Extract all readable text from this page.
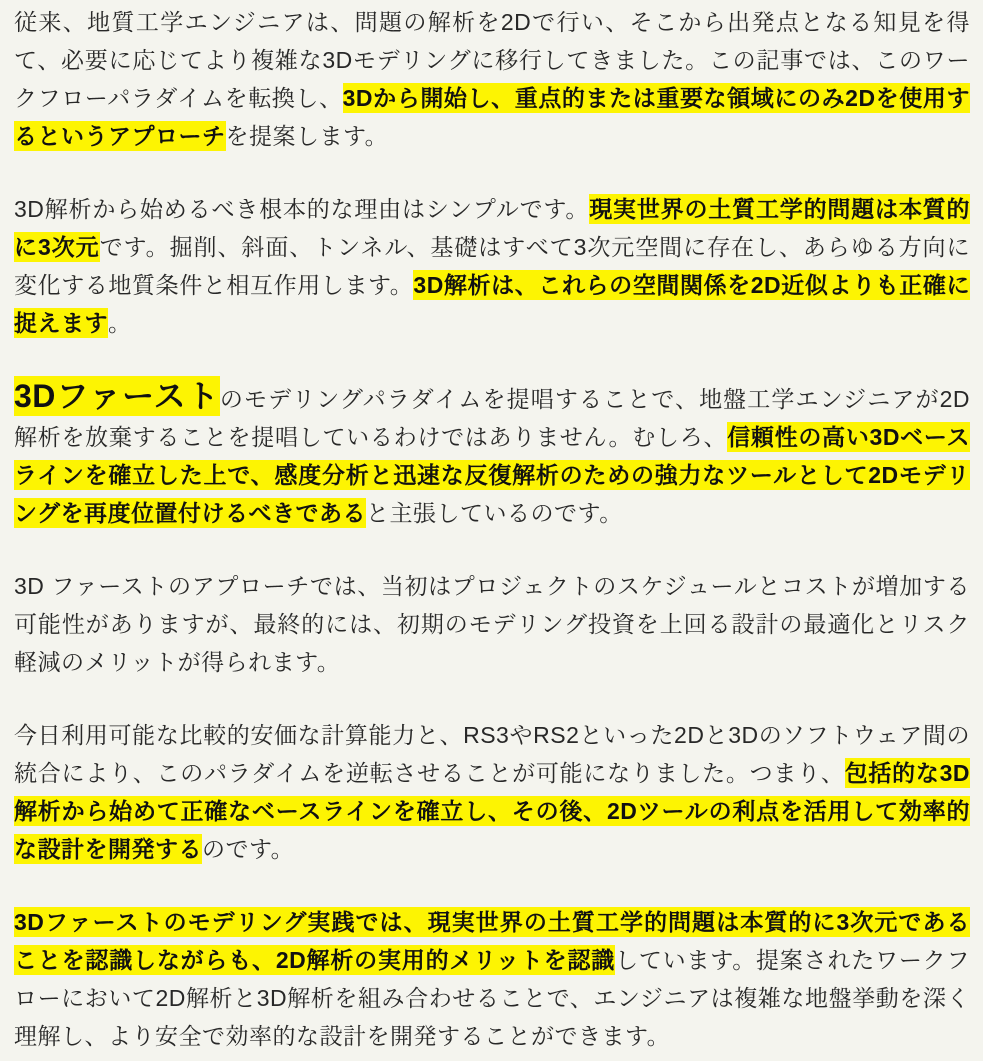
従来、地質工学エンジニアは、問題の解析を2Dで行い、そこから出発点となる知見を得て、必要に応じてより複雑な3Dモデリングに移行してきました。この記事では、このワークフローパラダイムを転換し、3Dから開始し、重点的または重要な領域にのみ2Dを使用するというアプローチを提案します。

3D解析から始めるべき根本的な理由はシンプルです。現実世界の土質工学的問題は本質的に3次元です。掘削、斜面、トンネル、基礎はすべて3次元空間に存在し、あらゆる方向に変化する地質条件と相互作用します。3D解析は、これらの空間関係を2D近似よりも正確に捉えます。

3Dファーストのモデリングパラダイムを提唱することで、地盤工学エンジニアが2D解析を放棄することを提唱しているわけではありません。むしろ、信頼性の高い3Dベースラインを確立した上で、感度分析と迅速な反復解析のための強力なツールとして2Dモデリングを再度位置付けるべきであると主張しているのです。

3D ファーストのアプローチでは、当初はプロジェクトのスケジュールとコストが増加する可能性がありますが、最終的には、初期のモデリング投資を上回る設計の最適化とリスク軽減のメリットが得られます。

今日利用可能な比較的安価な計算能力と、RS3やRS2といった2Dと3Dのソフトウェア間の統合により、このパラダイムを逆転させることが可能になりました。つまり、包括的な3D解析から始めて正確なベースラインを確立し、その後、2Dツールの利点を活用して効率的な設計を開発するのです。

3Dファーストのモデリング実践では、現実世界の土質工学的問題は本質的に3次元であることを認識しながらも、2D解析の実用的メリットを認識しています。提案されたワークフローにおいて2D解析と3D解析を組み合わせることで、エンジニアは複雑な地盤挙動を深く理解し、より安全で効率的な設計を開発することができます。
